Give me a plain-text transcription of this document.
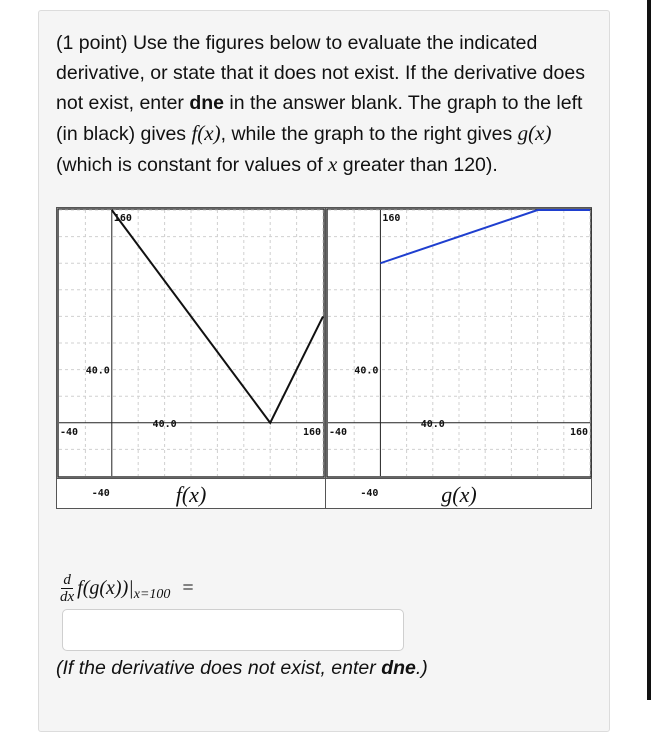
(1 point) Use the figures below to evaluate the indicated derivative, or state that it does not exist. If the derivative does not exist, enter dne in the answer blank. The graph to the left (in black) gives f(x), while the graph to the right gives g(x) (which is constant for values of x greater than 120).
160
40.0
40.0
-40	160
-40
160
40.0
40.0
-40	160
-40
f(x)	g(x)
$\frac{d}{dx} f(g(x))|$ x=100 =
(If the derivative does not exist, enter dne.)
